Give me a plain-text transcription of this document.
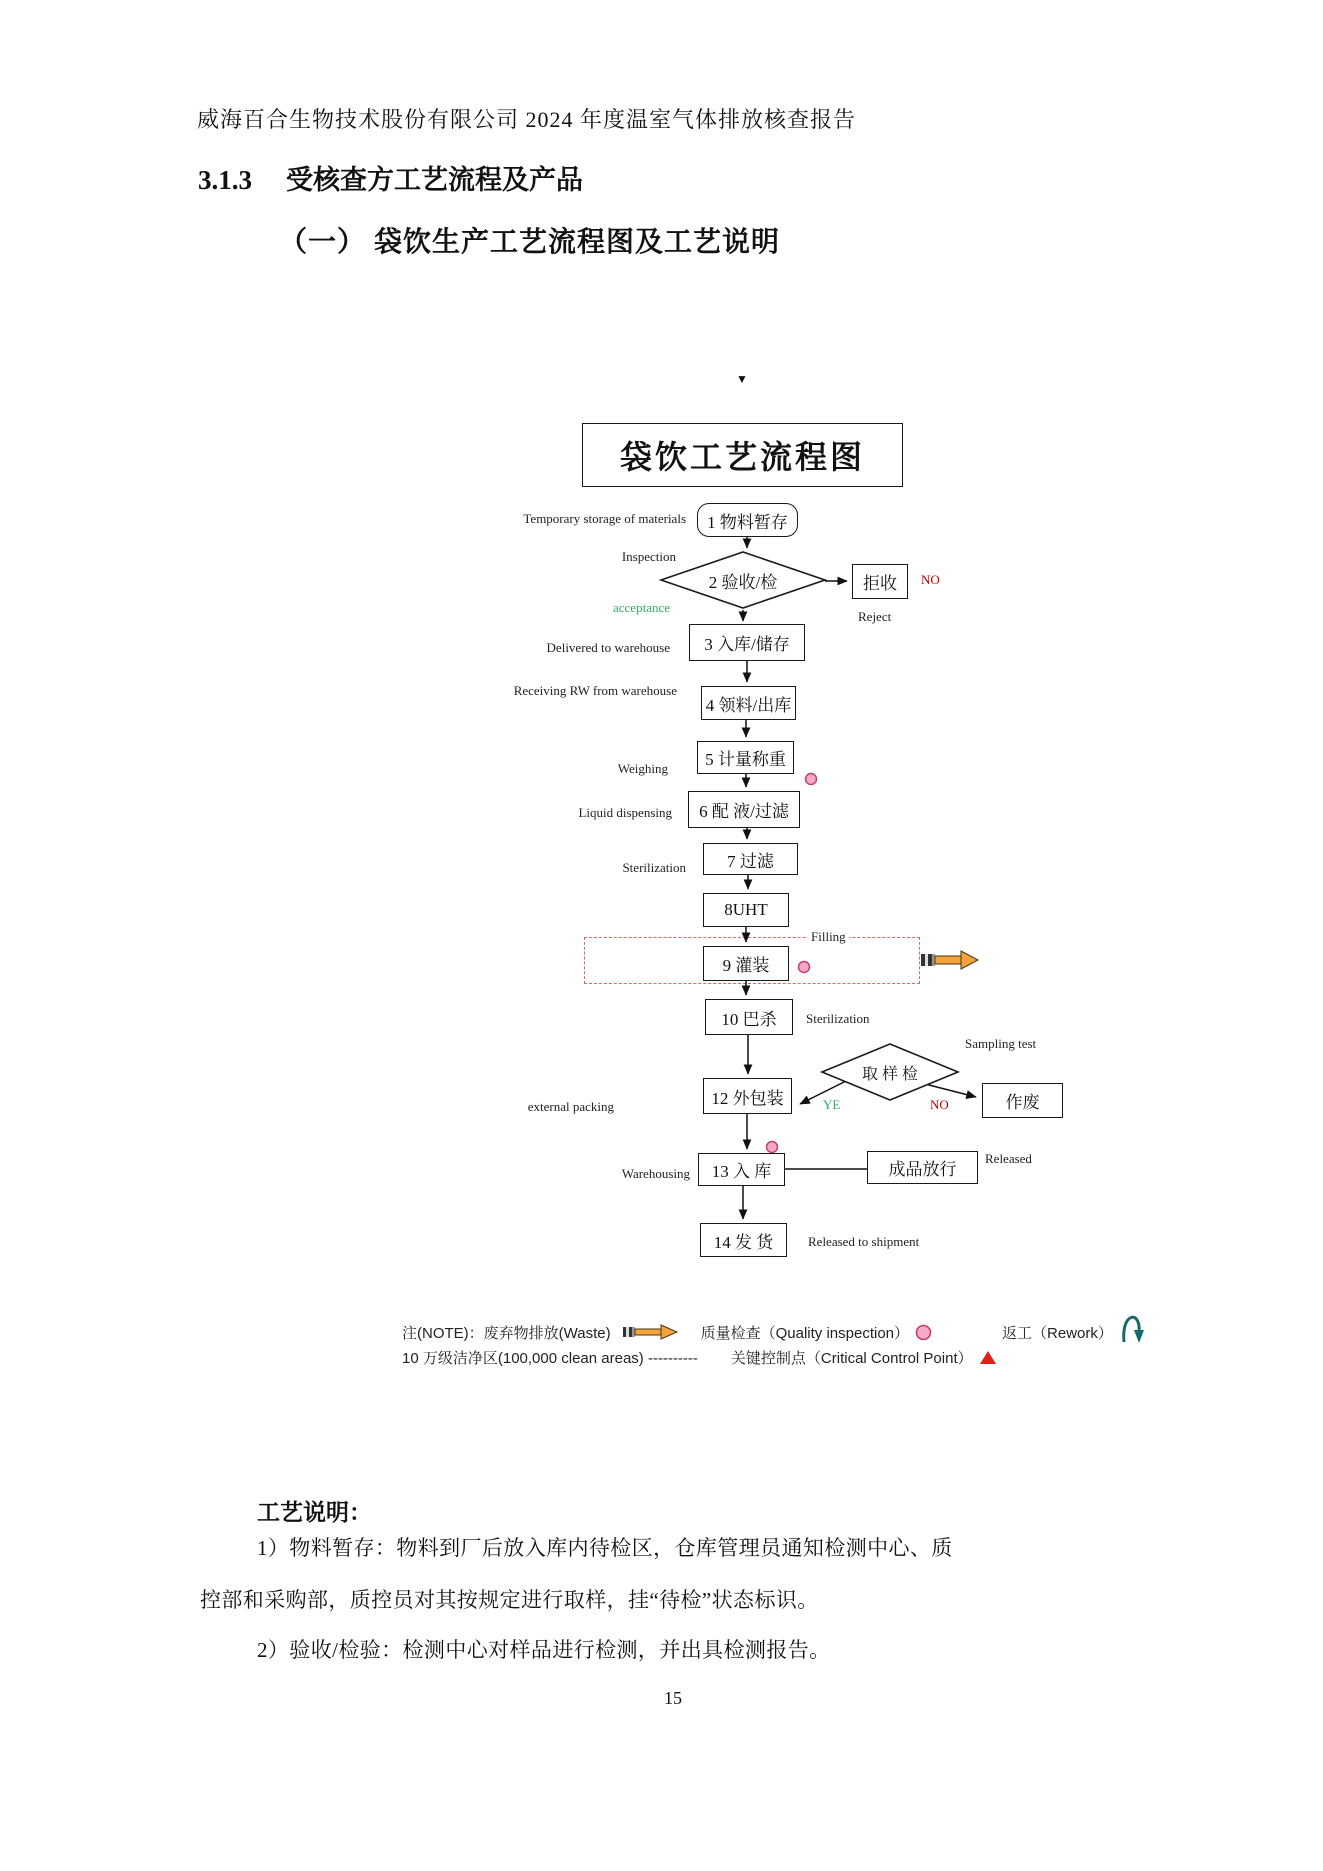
威海百合生物技术股份有限公司 2024 年度温室气体排放核查报告
3.1.3 受核查方工艺流程及产品
（一） 袋饮生产工艺流程图及工艺说明
▼
袋饮工艺流程图
1 物料暂存
2 验收/检	拒收
3 入库/储存
4 领料/出库
5 计量称重
6 配 液/过滤
7 过滤
8UHT
9 灌装
10 巴杀
取 样 检
作废
12 外包装
13 入 库	成品放行
14 发 货
Temporary storage of materials
Inspection
acceptance
Delivered to warehouse
Receiving RW from warehouse
Weighing
Liquid dispensing
Sterilization
external packing
Warehousing
NO
Reject
Filling
Sterilization
Sampling test
YE	NO
Released
Released to shipment
注(NOTE)：废弃物排放(Waste)	质量检查（Quality inspection）	返工（Rework）
10 万级洁净区(100,000 clean areas) ---------- 关键控制点（Critical Control Point）
工艺说明：
1）物料暂存：物料到厂后放入库内待检区，仓库管理员通知检测中心、质
控部和采购部，质控员对其按规定进行取样，挂“待检”状态标识。
2）验收/检验：检测中心对样品进行检测，并出具检测报告。
15
